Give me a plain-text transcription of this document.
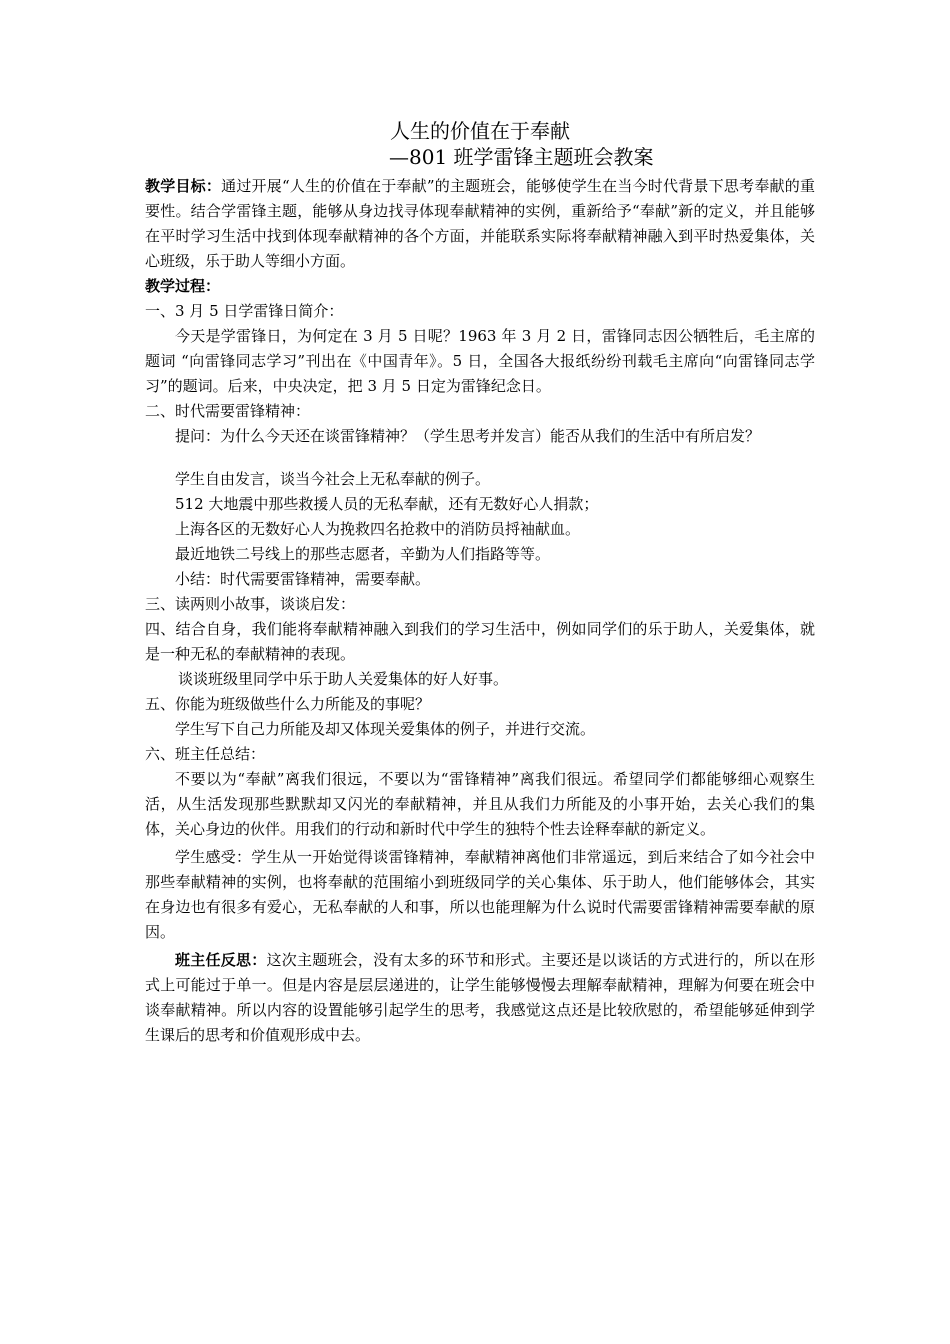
人生的价值在于奉献
—801 班学雷锋主题班会教案

教学目标：通过开展“人生的价值在于奉献”的主题班会，能够使学生在当今时代背景下思考奉献的重要性。结合学雷锋主题，能够从身边找寻体现奉献精神的实例，重新给予“奉献”新的定义，并且能够在平时学习生活中找到体现奉献精神的各个方面，并能联系实际将奉献精神融入到平时热爱集体，关心班级，乐于助人等细小方面。

教学过程：

一、3 月 5 日学雷锋日简介：

今天是学雷锋日，为何定在 3 月 5 日呢？1963 年 3 月 2 日，雷锋同志因公牺牲后，毛主席的题词 “向雷锋同志学习”刊出在《中国青年》。5 日，全国各大报纸纷纷刊载毛主席向“向雷锋同志学习”的题词。后来，中央决定，把 3 月 5 日定为雷锋纪念日。

二、时代需要雷锋精神：

提问：为什么今天还在谈雷锋精神？（学生思考并发言）能否从我们的生活中有所启发？

学生自由发言，谈当今社会上无私奉献的例子。

512 大地震中那些救援人员的无私奉献，还有无数好心人捐款；

上海各区的无数好心人为挽救四名抢救中的消防员捋袖献血。

最近地铁二号线上的那些志愿者，辛勤为人们指路等等。

小结：时代需要雷锋精神，需要奉献。

三、读两则小故事，谈谈启发：

四、结合自身，我们能将奉献精神融入到我们的学习生活中，例如同学们的乐于助人，关爱集体，就是一种无私的奉献精神的表现。

谈谈班级里同学中乐于助人关爱集体的好人好事。

五、你能为班级做些什么力所能及的事呢？

学生写下自己力所能及却又体现关爱集体的例子，并进行交流。

六、班主任总结：

不要以为“奉献”离我们很远，不要以为“雷锋精神”离我们很远。希望同学们都能够细心观察生活，从生活发现那些默默却又闪光的奉献精神，并且从我们力所能及的小事开始，去关心我们的集体，关心身边的伙伴。用我们的行动和新时代中学生的独特个性去诠释奉献的新定义。

学生感受：学生从一开始觉得谈雷锋精神，奉献精神离他们非常遥远，到后来结合了如今社会中那些奉献精神的实例，也将奉献的范围缩小到班级同学的关心集体、乐于助人，他们能够体会，其实在身边也有很多有爱心，无私奉献的人和事，所以也能理解为什么说时代需要雷锋精神需要奉献的原因。

班主任反思：这次主题班会，没有太多的环节和形式。主要还是以谈话的方式进行的，所以在形式上可能过于单一。但是内容是层层递进的，让学生能够慢慢去理解奉献精神，理解为何要在班会中谈奉献精神。所以内容的设置能够引起学生的思考，我感觉这点还是比较欣慰的，希望能够延伸到学生课后的思考和价值观形成中去。
